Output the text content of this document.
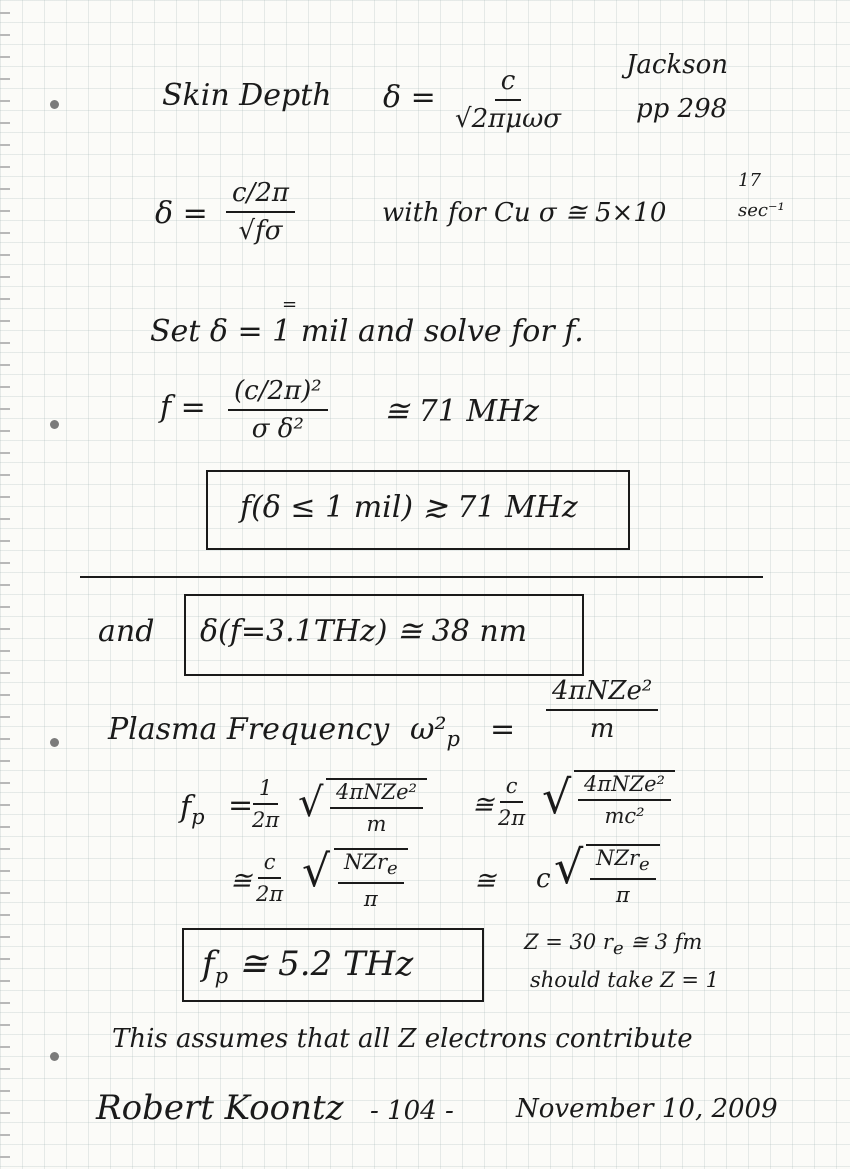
Skin Depth δ =	c
√2πμωσ
Jackson
pp 298
$\delta = \frac{c/2\pi}{√f\sigma}$	with for Cu σ ≅ 5×10
17
sec⁻¹
Set δ = 1 mil and solve for f.
=
$f = \frac{\text{(c/2π)²}}{\text{σ δ²}}$ ≅ 71 MHz
f(δ ≤ 1 mil) ≳ 71 MHz
and δ(f=3.1THz) ≅ 38 nm
Plasma Frequency $\omega^2_p$ =
4πNZe²
m
$f_p$ =
$\frac{1}{2\pi}$ √ 4πNZe²
m
≅ $\frac{c}{2\pi}$ √ 4πNZe²
mc²
≅ $\frac{c}{2\pi}$ √ NZr$_e$
π
≅ c √ NZr$_e$
π
$f_p$ ≅ 5.2 THz
Z = 30 $r_e$ ≅ 3 fm
should take Z = 1
This assumes that all Z electrons contribute
Robert Koontz - 104 - November 10, 2009
